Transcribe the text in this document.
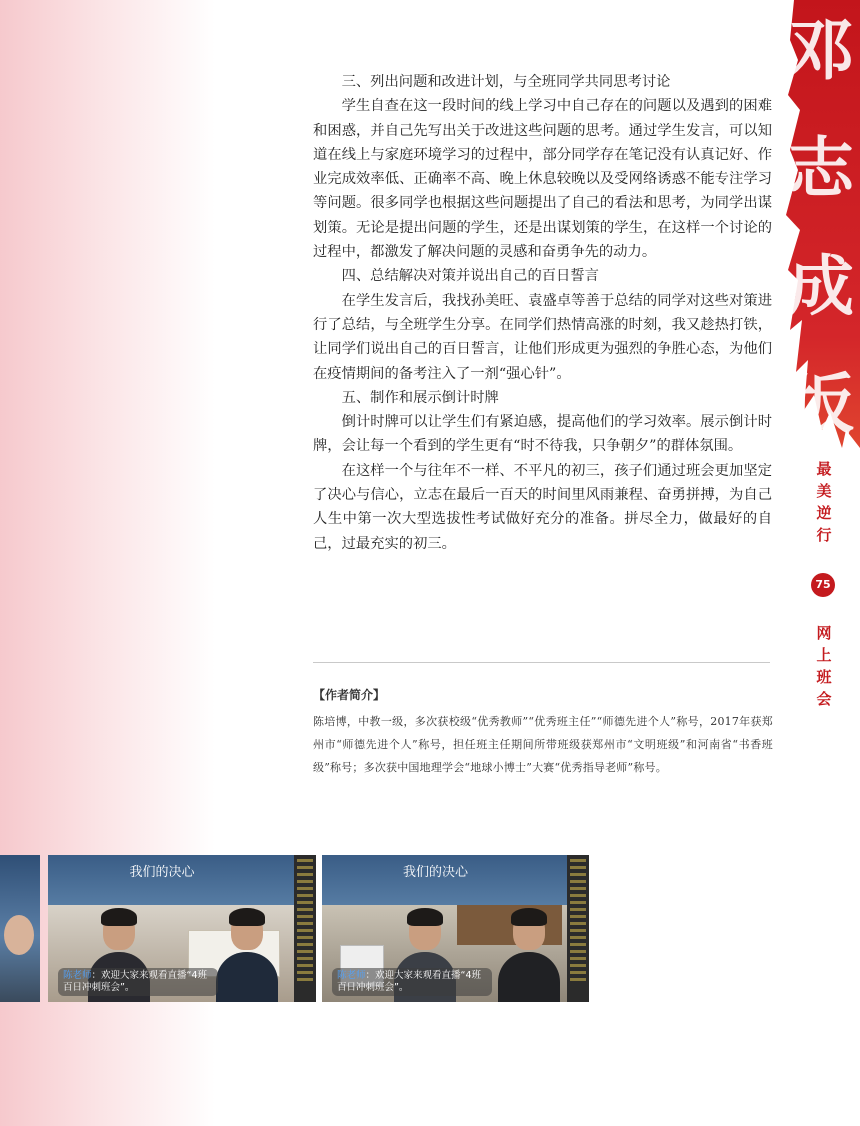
邓
志
成
坂
最
美
逆
行
75
网
上
班
会

三、列出问题和改进计划，与全班同学共同思考讨论

学生自查在这一段时间的线上学习中自己存在的问题以及遇到的困难和困惑，并自己先写出关于改进这些问题的思考。通过学生发言，可以知道在线上与家庭环境学习的过程中，部分同学存在笔记没有认真记好、作业完成效率低、正确率不高、晚上休息较晚以及受网络诱惑不能专注学习等问题。很多同学也根据这些问题提出了自己的看法和思考，为同学出谋划策。无论是提出问题的学生，还是出谋划策的学生，在这样一个讨论的过程中，都激发了解决问题的灵感和奋勇争先的动力。

四、总结解决对策并说出自己的百日誓言

在学生发言后，我找孙美旺、袁盛卓等善于总结的同学对这些对策进行了总结，与全班学生分享。在同学们热情高涨的时刻，我又趁热打铁，让同学们说出自己的百日誓言，让他们形成更为强烈的争胜心态，为他们在疫情期间的备考注入了一剂“强心针”。

五、制作和展示倒计时牌

倒计时牌可以让学生们有紧迫感，提高他们的学习效率。展示倒计时牌，会让每一个看到的学生更有“时不待我，只争朝夕”的群体氛围。

在这样一个与往年不一样、不平凡的初三，孩子们通过班会更加坚定了决心与信心，立志在最后一百天的时间里风雨兼程、奋勇拼搏，为自己人生中第一次大型选拔性考试做好充分的准备。拼尽全力，做最好的自己，过最充实的初三。

【作者简介】
陈培博，中教一级，多次获校级“优秀教师”“优秀班主任”“师德先进个人”称号，2017年获郑州市“师德先进个人”称号，担任班主任期间所带班级获郑州市“文明班级”和河南省“书香班级”称号；多次获中国地理学会“地球小博士”大赛“优秀指导老师”称号。
我们的决心
陈老师：欢迎大家来观看直播“4班百日冲刺班会”。
我们的决心
陈老师：欢迎大家来观看直播“4班百日冲刺班会”。
